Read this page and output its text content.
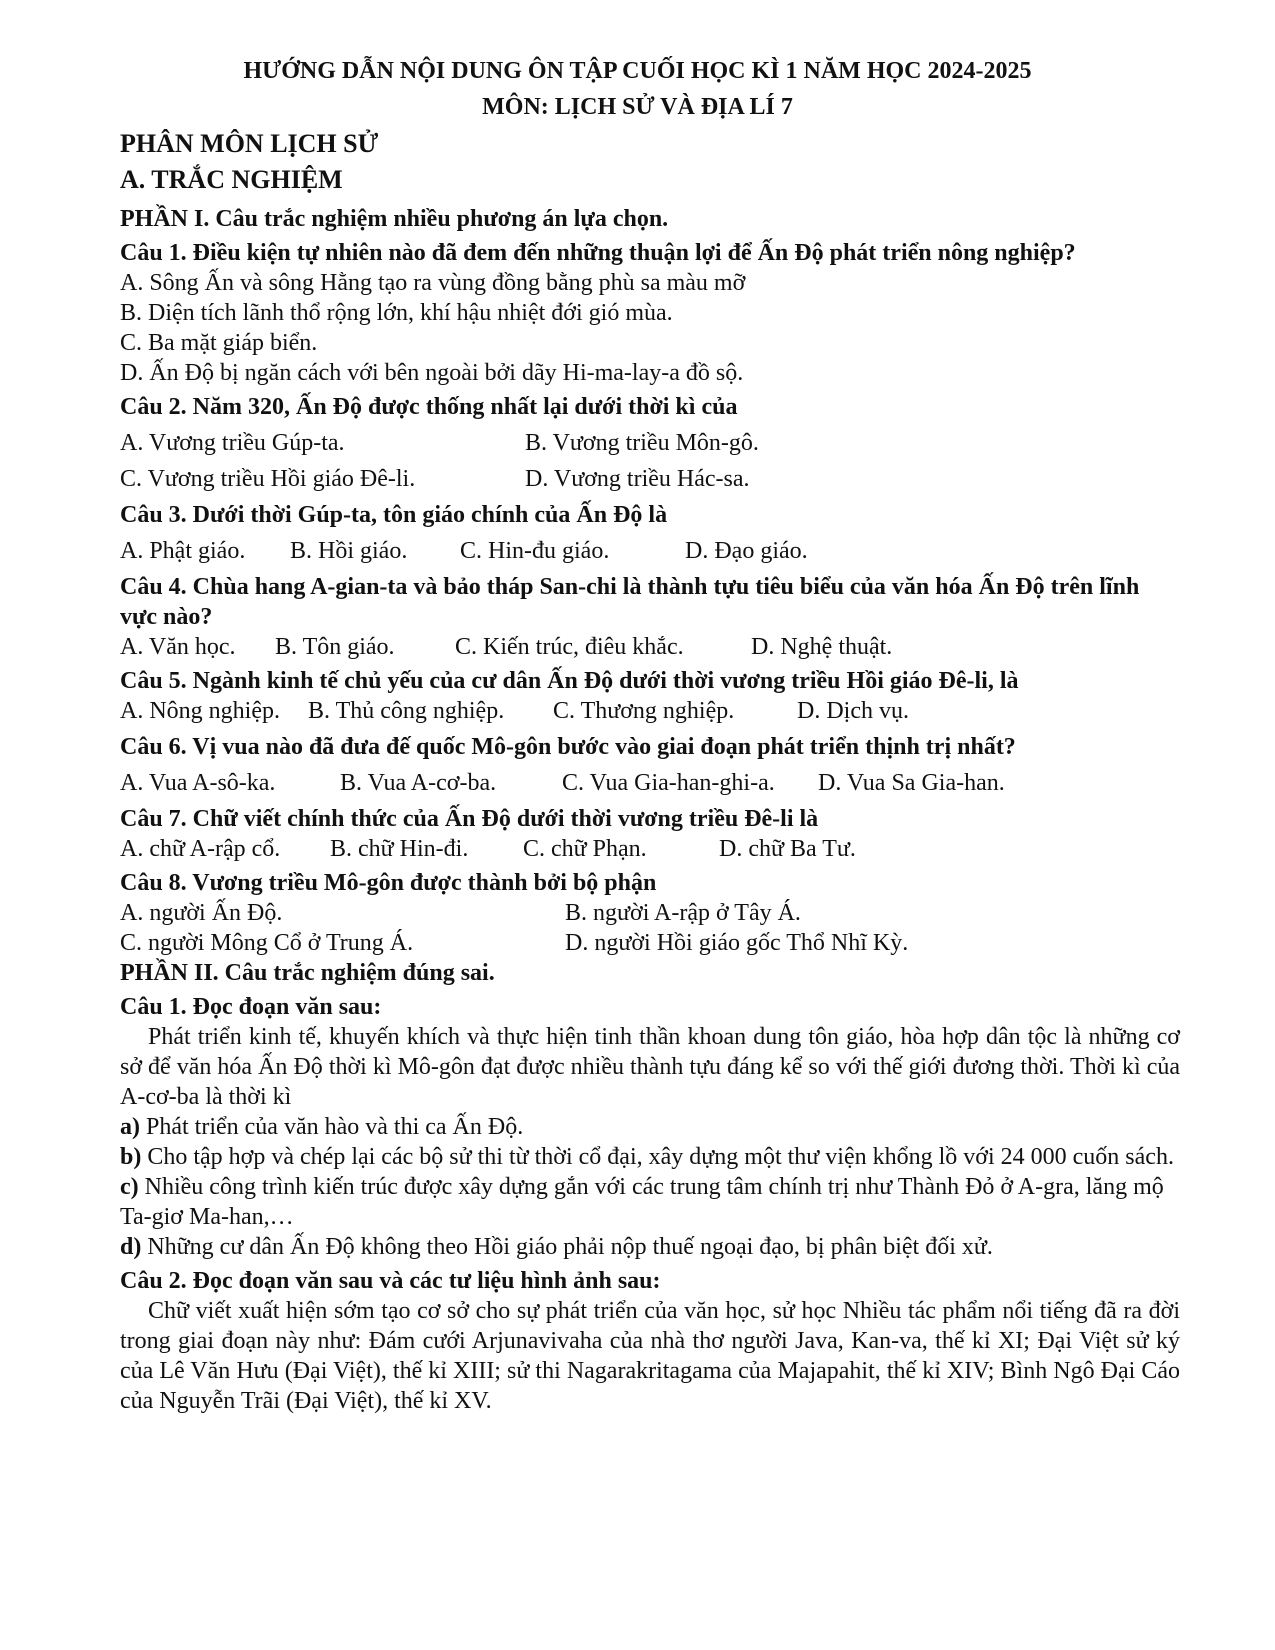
HƯỚNG DẪN NỘI DUNG ÔN TẬP CUỐI HỌC KÌ 1 NĂM HỌC 2024-2025
MÔN: LỊCH SỬ VÀ ĐỊA LÍ 7
PHÂN MÔN LỊCH SỬ
A. TRẮC NGHIỆM
PHẦN I. Câu trắc nghiệm nhiều phương án lựa chọn.
Câu 1. Điều kiện tự nhiên nào đã đem đến những thuận lợi để Ấn Độ phát triển nông nghiệp?
A. Sông Ấn và sông Hằng tạo ra vùng đồng bằng phù sa màu mỡ
B. Diện tích lãnh thổ rộng lớn, khí hậu nhiệt đới gió mùa.
C. Ba mặt giáp biển.
D. Ấn Độ bị ngăn cách với bên ngoài bởi dãy Hi-ma-lay-a đồ sộ.
Câu 2. Năm 320, Ấn Độ được thống nhất lại dưới thời kì của
A. Vương triều Gúp-ta.	B. Vương triều Môn-gô.
C. Vương triều Hồi giáo Đê-li.	D. Vương triều Hác-sa.
Câu 3. Dưới thời Gúp-ta, tôn giáo chính của Ấn Độ là
A. Phật giáo.	B. Hồi giáo.	C. Hin-đu giáo.	D. Đạo giáo.
Câu 4. Chùa hang A-gian-ta và bảo tháp San-chi là thành tựu tiêu biểu của văn hóa Ấn Độ trên lĩnh vực nào?
A. Văn học.	B. Tôn giáo.	C. Kiến trúc, điêu khắc.	D. Nghệ thuật.
Câu 5. Ngành kinh tế chủ yếu của cư dân Ấn Độ dưới thời vương triều Hồi giáo Đê-li, là
A. Nông nghiệp.	B. Thủ công nghiệp.	C. Thương nghiệp.	D. Dịch vụ.
Câu 6. Vị vua nào đã đưa đế quốc Mô-gôn bước vào giai đoạn phát triển thịnh trị nhất?
A. Vua A-sô-ka.	B. Vua A-cơ-ba.	C. Vua Gia-han-ghi-a.	D. Vua Sa Gia-han.
Câu 7. Chữ viết chính thức của Ấn Độ dưới thời vương triều Đê-li là
A. chữ A-rập cổ.	B. chữ Hin-đi.	C. chữ Phạn.	D. chữ Ba Tư.
Câu 8. Vương triều Mô-gôn được thành bởi bộ phận
A. người Ấn Độ.	B. người A-rập ở Tây Á.
C. người Mông Cổ ở Trung Á.	D. người Hồi giáo gốc Thổ Nhĩ Kỳ.
PHẦN II. Câu trắc nghiệm đúng sai.
Câu 1. Đọc đoạn văn sau:
Phát triển kinh tế, khuyến khích và thực hiện tinh thần khoan dung tôn giáo, hòa hợp dân tộc là những cơ sở để văn hóa Ấn Độ thời kì Mô-gôn đạt được nhiều thành tựu đáng kể so với thế giới đương thời. Thời kì của A-cơ-ba là thời kì
a) Phát triển của văn hào và thi ca Ấn Độ.
b) Cho tập hợp và chép lại các bộ sử thi từ thời cổ đại, xây dựng một thư viện khổng lồ với 24 000 cuốn sách.
c) Nhiều công trình kiến trúc được xây dựng gắn với các trung tâm chính trị như Thành Đỏ ở A-gra, lăng mộ Ta-giơ Ma-han,…
d) Những cư dân Ấn Độ không theo Hồi giáo phải nộp thuế ngoại đạo, bị phân biệt đối xử.
Câu 2. Đọc đoạn văn sau và các tư liệu hình ảnh sau:
Chữ viết xuất hiện sớm tạo cơ sở cho sự phát triển của văn học, sử học Nhiều tác phẩm nổi tiếng đã ra đời trong giai đoạn này như: Đám cưới Arjunavivaha của nhà thơ người Java, Kan-va, thế kỉ XI; Đại Việt sử ký của Lê Văn Hưu (Đại Việt), thế kỉ XIII; sử thi Nagarakritagama của Majapahit, thế kỉ XIV; Bình Ngô Đại Cáo của Nguyễn Trãi (Đại Việt), thế kỉ XV.
